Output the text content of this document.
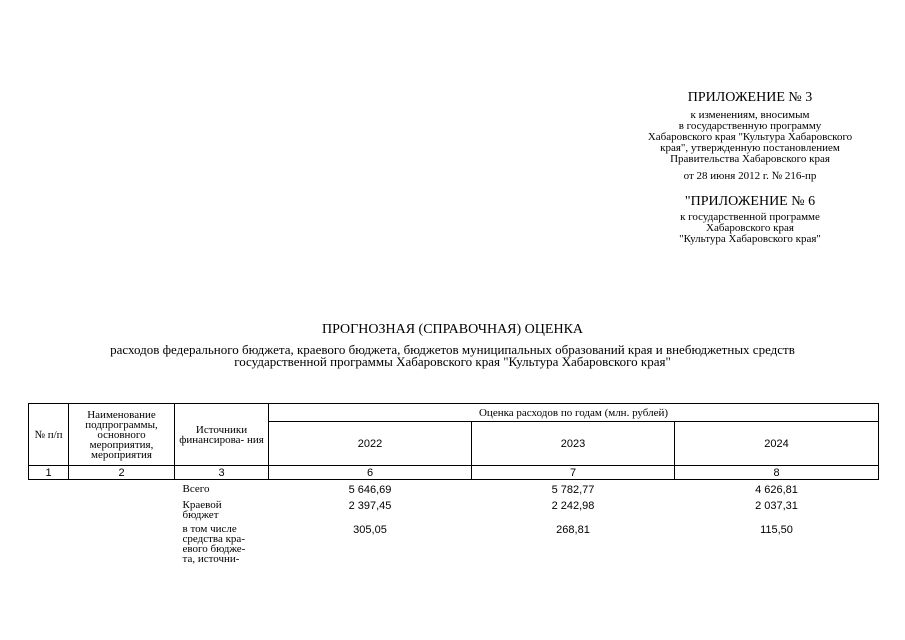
ПРИЛОЖЕНИЕ № 3
к изменениям, вносимым
в государственную программу
Хабаровского края "Культура Хабаровского
края", утвержденную постановлением
Правительства Хабаровского края
от 28 июня 2012 г. № 216-пр
"ПРИЛОЖЕНИЕ № 6
к государственной программе
Хабаровского края
"Культура Хабаровского края"
ПРОГНОЗНАЯ (СПРАВОЧНАЯ) ОЦЕНКА
расходов федерального бюджета, краевого бюджета, бюджетов муниципальных образований края и внебюджетных средств
государственной программы Хабаровского края "Культура Хабаровского края"
№ п/п	Наименование подпрограммы, основного мероприятия, мероприятия	Источники финансирова- ния	Оценка расходов по годам (млн. рублей)		
			2022	2023	2024
1	2	3	6	7	8
		Всего	5 646,69	5 782,77	4 626,81
		Краевой бюджет	2 397,45	2 242,98	2 037,31
		в том числе средства кра- евого бюдже- та, источни-	305,05	268,81	115,50
